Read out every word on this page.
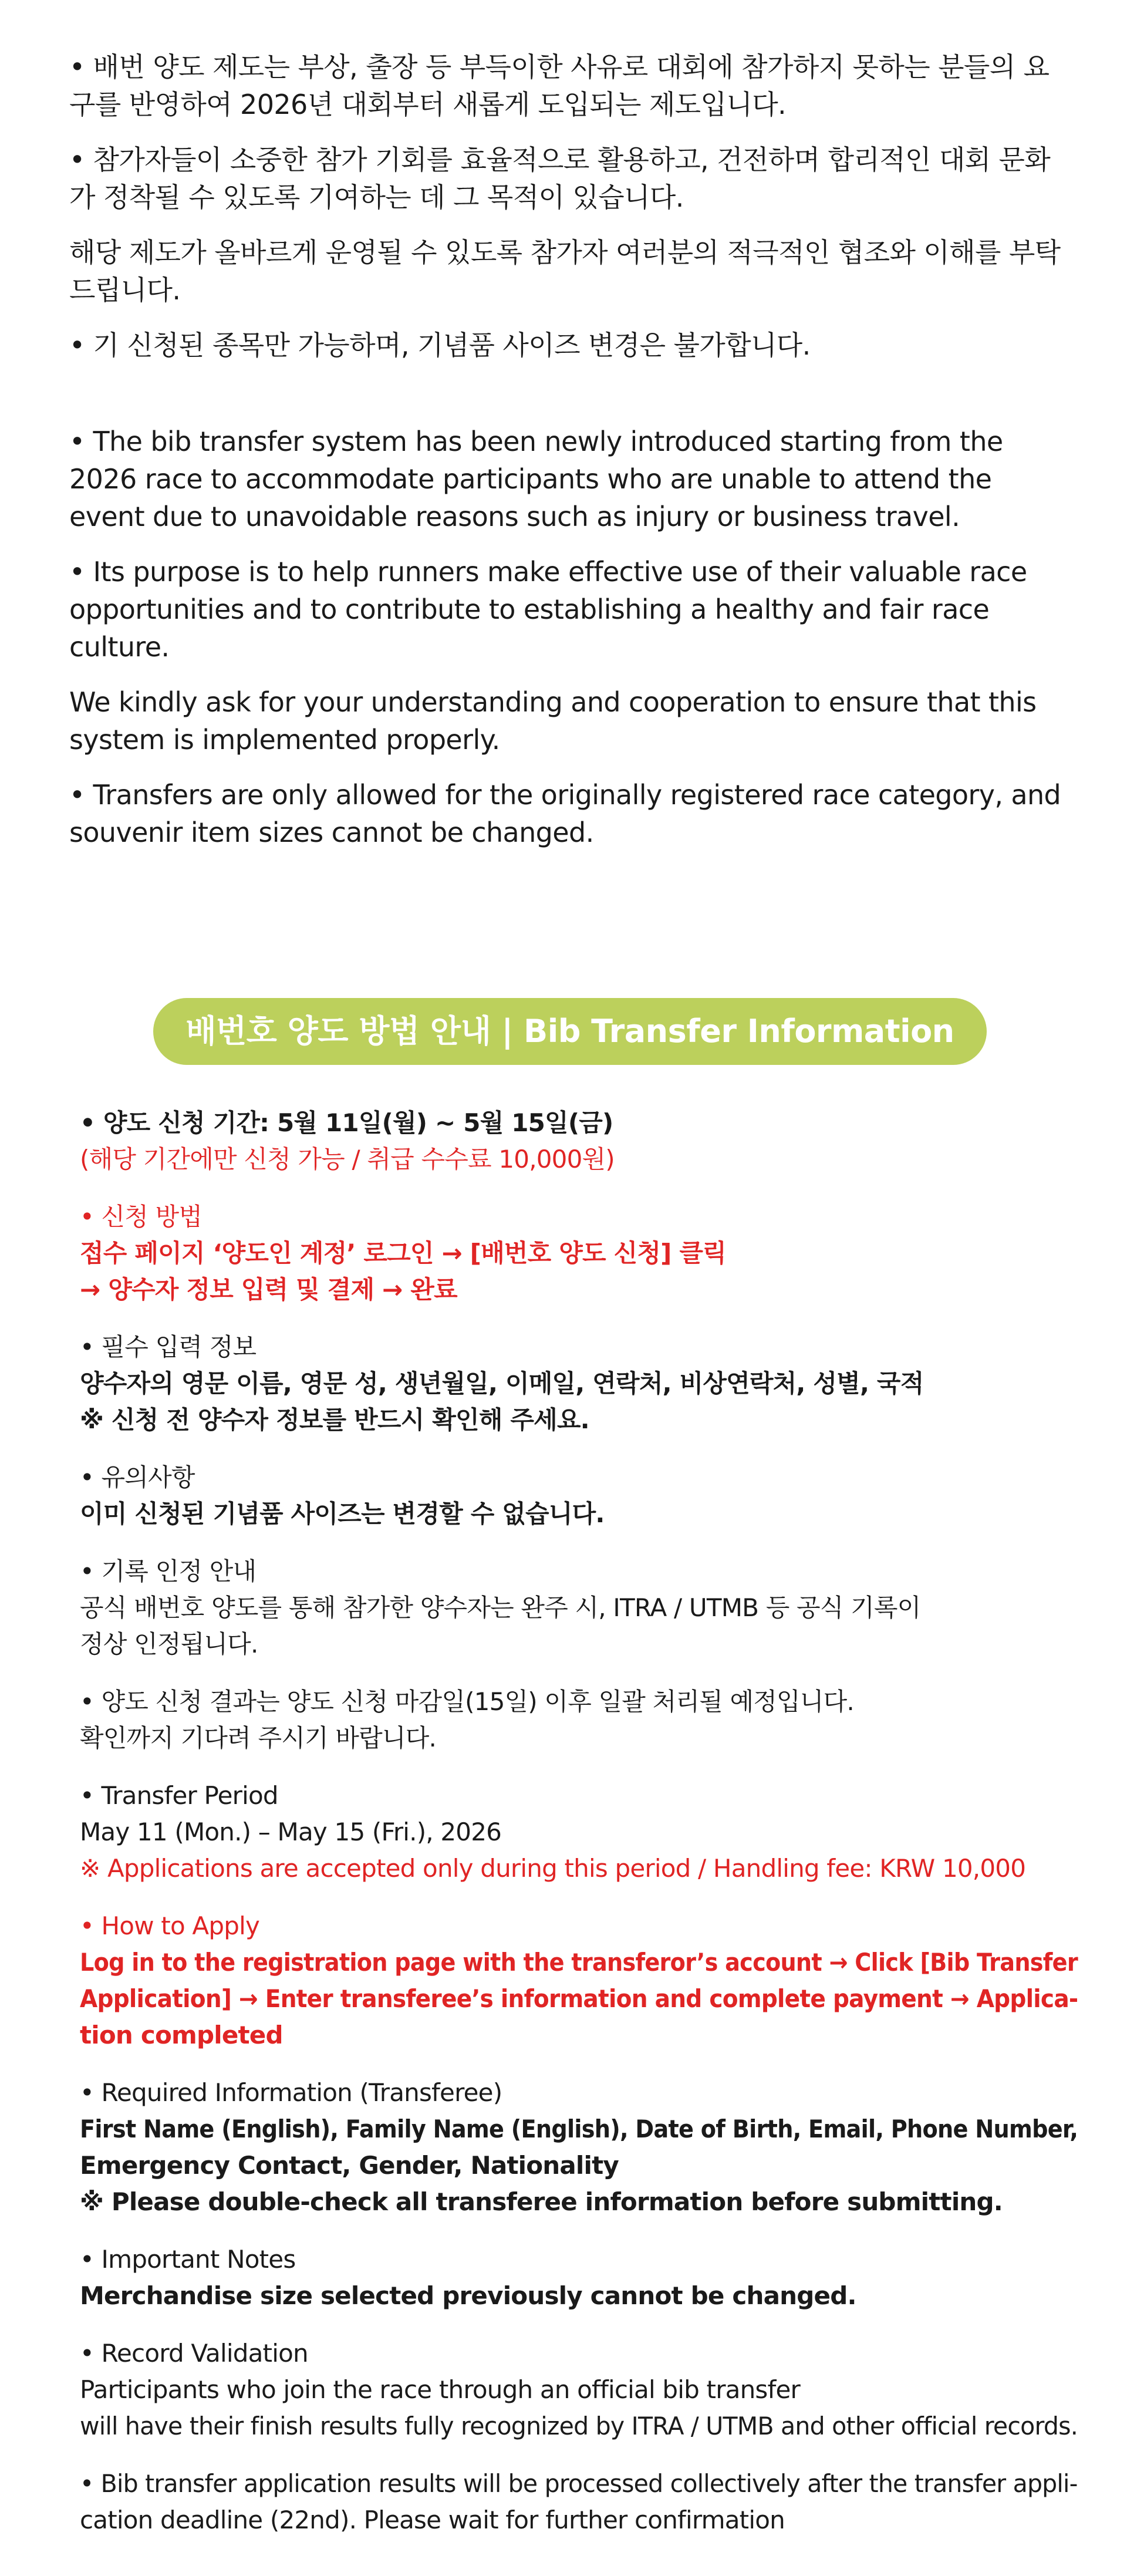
• 배번 양도 제도는 부상, 출장 등 부득이한 사유로 대회에 참가하지 못하는 분들의 요구를 반영하여 2026년 대회부터 새롭게 도입되는 제도입니다.

• 참가자들이 소중한 참가 기회를 효율적으로 활용하고, 건전하며 합리적인 대회 문화가 정착될 수 있도록 기여하는 데 그 목적이 있습니다.

해당 제도가 올바르게 운영될 수 있도록 참가자 여러분의 적극적인 협조와 이해를 부탁드립니다.

• 기 신청된 종목만 가능하며, 기념품 사이즈 변경은 불가합니다.

• The bib transfer system has been newly introduced starting from the 2026 race to accommodate participants who are unable to attend the event due to unavoidable reasons such as injury or business travel.

• Its purpose is to help runners make effective use of their valuable race opportunities and to contribute to establishing a healthy and fair race culture.

We kindly ask for your understanding and cooperation to ensure that this system is implemented properly.

• Transfers are only allowed for the originally registered race category, and souvenir item sizes cannot be changed.

배번호 양도 방법 안내 | Bib Transfer Information
• 양도 신청 기간: 5월 11일(월) ~ 5월 15일(금)
(해당 기간에만 신청 가능 / 취급 수수료 10,000원)
• 신청 방법
접수 페이지 ‘양도인 계정’ 로그인 → [배번호 양도 신청] 클릭
→ 양수자 정보 입력 및 결제 → 완료
• 필수 입력 정보
양수자의 영문 이름, 영문 성, 생년월일, 이메일, 연락처, 비상연락처, 성별, 국적
※ 신청 전 양수자 정보를 반드시 확인해 주세요.
• 유의사항
이미 신청된 기념품 사이즈는 변경할 수 없습니다.
• 기록 인정 안내
공식 배번호 양도를 통해 참가한 양수자는 완주 시, ITRA / UTMB 등 공식 기록이
정상 인정됩니다.
• 양도 신청 결과는 양도 신청 마감일(15일) 이후 일괄 처리될 예정입니다.
확인까지 기다려 주시기 바랍니다.
• Transfer Period
May 11 (Mon.) – May 15 (Fri.), 2026
※ Applications are accepted only during this period / Handling fee: KRW 10,000
• How to Apply
Log in to the registration page with the transferor’s account → Click [Bib Transfer
Application] → Enter transferee’s information and complete payment → Applica-
tion completed
• Required Information (Transferee)
First Name (English), Family Name (English), Date of Birth, Email, Phone Number,
Emergency Contact, Gender, Nationality
※ Please double-check all transferee information before submitting.
• Important Notes
Merchandise size selected previously cannot be changed.
• Record Validation
Participants who join the race through an official bib transfer
will have their finish results fully recognized by ITRA / UTMB and other official records.
• Bib transfer application results will be processed collectively after the transfer appli-
cation deadline (22nd). Please wait for further confirmation
